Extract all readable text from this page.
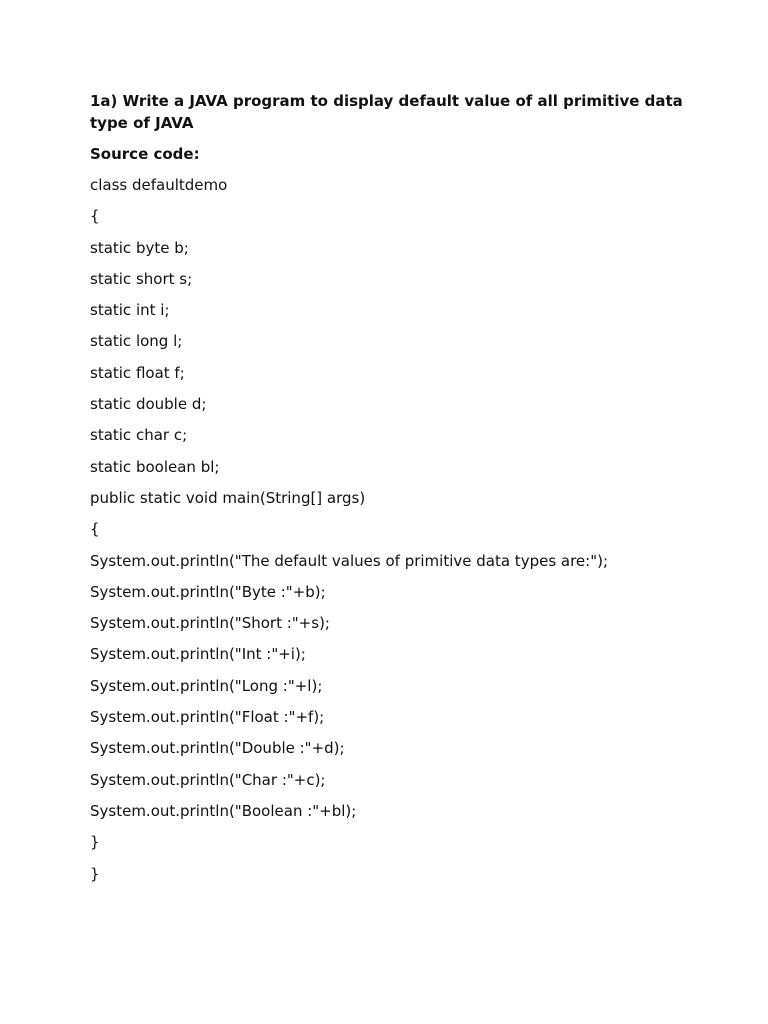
1a) Write a JAVA program to display default value of all primitive data type of JAVA

Source code:

class defaultdemo

{

static byte b;

static short s;

static int i;

static long l;

static float f;

static double d;

static char c;

static boolean bl;

public static void main(String[] args)

{

System.out.println("The default values of primitive data types are:");

System.out.println("Byte :"+b);

System.out.println("Short :"+s);

System.out.println("Int :"+i);

System.out.println("Long :"+l);

System.out.println("Float :"+f);

System.out.println("Double :"+d);

System.out.println("Char :"+c);

System.out.println("Boolean :"+bl);

}

}
